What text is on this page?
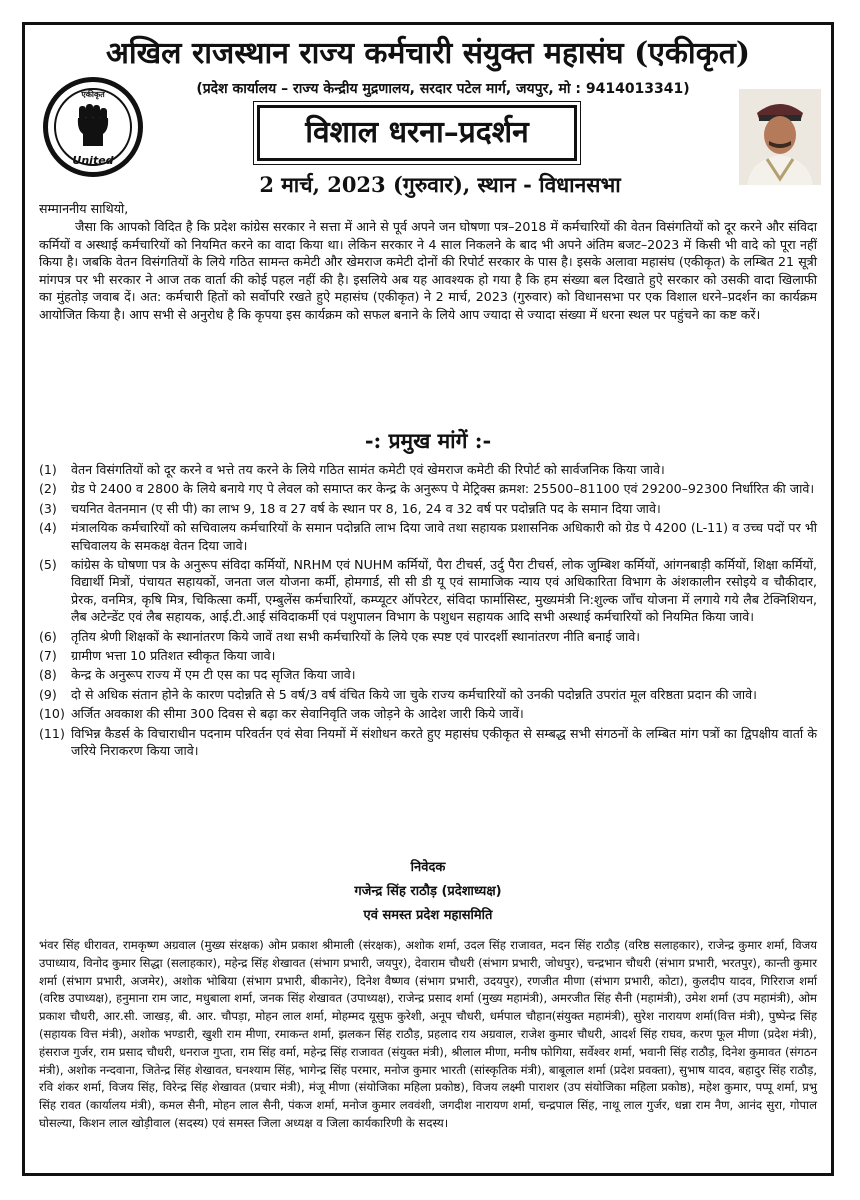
अखिल राजस्थान राज्य कर्मचारी संयुक्त महासंघ (एकीकृत)
एकीकृत
United
(प्रदेश कार्यालय – राज्य केन्द्रीय मुद्रणालय, सरदार पटेल मार्ग, जयपुर, मो : 9414013341)
विशाल धरना–प्रदर्शन
2 मार्च, 2023 (गुरुवार), स्थान - विधानसभा
सम्माननीय साथियो,
जैसा कि आपको विदित है कि प्रदेश कांग्रेस सरकार ने सत्ता में आने से पूर्व अपने जन घोषणा पत्र–2018 में कर्मचारियों की वेतन विसंगतियों को दूर करने और संविदा कर्मियों व अस्थाई कर्मचारियों को नियमित करने का वादा किया था। लेकिन सरकार ने 4 साल निकलने के बाद भी अपने अंतिम बजट–2023 में किसी भी वादे को पूरा नहीं किया है। जबकि वेतन विसंगतियों के लिये गठित सामन्त कमेटी और खेमराज कमेटी दोनों की रिपोर्ट सरकार के पास है। इसके अलावा महासंघ (एकीकृत) के लम्बित 21 सूत्री मांगपत्र पर भी सरकार ने आज तक वार्ता की कोई पहल नहीं की है। इसलिये अब यह आवश्यक हो गया है कि हम संख्या बल दिखाते हुऐ सरकार को उसकी वादा खिलाफी का मुंहतोड़ जवाब दें। अत: कर्मचारी हितों को सर्वोपरि रखते हुऐ महासंघ (एकीकृत) ने 2 मार्च, 2023 (गुरुवार) को विधानसभा पर एक विशाल धरने–प्रदर्शन का कार्यक्रम आयोजित किया है। आप सभी से अनुरोध है कि कृपया इस कार्यक्रम को सफल बनाने के लिये आप ज्यादा से ज्यादा संख्या में धरना स्थल पर पहुंचने का कष्ट करें।
-: प्रमुख मांगें :-
(1)	वेतन विसंगतियों को दूर करने व भत्ते तय करने के लिये गठित सामंत कमेटी एवं खेमराज कमेटी की रिपोर्ट को सार्वजनिक किया जावे।
(2)	ग्रेड पे 2400 व 2800 के लिये बनाये गए पे लेवल को समाप्त कर केन्द्र के अनुरूप पे मेट्रिक्स क्रमश: 25500–81100 एवं 29200–92300 निर्धारित की जावे।
(3)	चयनित वेतनमान (ए सी पी) का लाभ 9, 18 व 27 वर्ष के स्थान पर 8, 16, 24 व 32 वर्ष पर पदोन्नति पद के समान दिया जावे।
(4)	मंत्रालयिक कर्मचारियों को सचिवालय कर्मचारियों के समान पदोन्नति लाभ दिया जावे तथा सहायक प्रशासनिक अधिकारी को ग्रेड पे 4200 (L-11) व उच्च पदों पर भी सचिवालय के समकक्ष वेतन दिया जावे।
(5)	कांग्रेस के घोषणा पत्र के अनुरूप संविदा कर्मियों, NRHM एवं NUHM कर्मियों, पैरा टीचर्स, उर्दु पैरा टीचर्स, लोक जुम्बिश कर्मियों, आंगनबाड़ी कर्मियों, शिक्षा कर्मियों, विद्यार्थी मित्रों, पंचायत सहायकों, जनता जल योजना कर्मी, होमगार्ड, सी सी डी यू एवं सामाजिक न्याय एवं अधिकारिता विभाग के अंशकालीन रसोइये व चौकीदार, प्रेरक, वनमित्र, कृषि मित्र, चिकित्सा कर्मी, एम्बुलेंस कर्मचारियों, कम्प्यूटर ऑपरेटर, संविदा फार्मासिस्ट, मुख्यमंत्री नि:शुल्क जाँच योजना में लगाये गये लैब टेक्निशियन, लैब अटेन्डेंट एवं लैब सहायक, आई.टी.आई संविदाकर्मी एवं पशुपालन विभाग के पशुधन सहायक आदि सभी अस्थाई कर्मचारियों को नियमित किया जावे।
(6)	तृतिय श्रेणी शिक्षकों के स्थानांतरण किये जावें तथा सभी कर्मचारियों के लिये एक स्पष्ट एवं पारदर्शी स्थानांतरण नीति बनाई जावे।
(7)	ग्रामीण भत्ता 10 प्रतिशत स्वीकृत किया जावे।
(8)	केन्द्र के अनुरूप राज्य में एम टी एस का पद सृजित किया जावे।
(9)	दो से अधिक संतान होने के कारण पदोन्नति से 5 वर्ष/3 वर्ष वंचित किये जा चुके राज्य कर्मचारियों को उनकी पदोन्नति उपरांत मूल वरिष्ठता प्रदान की जावे।
(10) अर्जित अवकाश की सीमा 300 दिवस से बढ़ा कर सेवानिवृति जक जोड़ने के आदेश जारी किये जावें।
(11) विभिन्न कैडर्स के विचाराधीन पदनाम परिवर्तन एवं सेवा नियमों में संशोधन करते हुए महासंघ एकीकृत से सम्बद्ध सभी संगठनों के लम्बित मांग पत्रों का द्विपक्षीय वार्ता के जरिये निराकरण किया जावे।
निवेदक
गजेन्द्र सिंह राठौड़ (प्रदेशाध्यक्ष)
एवं समस्त प्रदेश महासमिति
भंवर सिंह धीरावत, रामकृष्ण अग्रवाल (मुख्य संरक्षक) ओम प्रकाश श्रीमाली (संरक्षक), अशोक शर्मा, उदल सिंह राजावत, मदन सिंह राठौड़ (वरिष्ठ सलाहकार), राजेन्द्र कुमार शर्मा, विजय उपाध्याय, विनोद कुमार सिद्धा (सलाहकार), महेन्द्र सिंह शेखावत (संभाग प्रभारी, जयपुर), देवाराम चौधरी (संभाग प्रभारी, जोधपुर), चन्द्रभान चौधरी (संभाग प्रभारी, भरतपुर), कान्ती कुमार शर्मा (संभाग प्रभारी, अजमेर), अशोक भोबिया (संभाग प्रभारी, बीकानेर), दिनेश वैष्णव (संभाग प्रभारी, उदयपुर), रणजीत मीणा (संभाग प्रभारी, कोटा), कुलदीप यादव, गिरिराज शर्मा (वरिष्ठ उपाध्यक्ष), हनुमाना राम जाट, मधुबाला शर्मा, जनक सिंह शेखावत (उपाध्यक्ष), राजेन्द्र प्रसाद शर्मा (मुख्य महामंत्री), अमरजीत सिंह सैनी (महामंत्री), उमेश शर्मा (उप महामंत्री), ओम प्रकाश चौधरी, आर.सी. जाखड़, बी. आर. चौपड़ा, मोहन लाल शर्मा, मोहम्मद यूसुफ कुरेशी, अनूप चौधरी, धर्मपाल चौहान(संयुक्त महामंत्री), सुरेश नारायण शर्मा(वित्त मंत्री), पुष्पेन्द्र सिंह (सहायक वित्त मंत्री), अशोक भण्डारी, खुशी राम मीणा, रमाकन्त शर्मा, झलकन सिंह राठौड़, प्रहलाद राय अग्रवाल, राजेश कुमार चौधरी, आदर्श सिंह राघव, करण फूल मीणा (प्रदेश मंत्री), हंसराज गुर्जर, राम प्रसाद चौधरी, धनराज गुप्ता, राम सिंह वर्मा, महेन्द्र सिंह राजावत (संयुक्त मंत्री), श्रीलाल मीणा, मनीष फोगिया, सर्वेश्वर शर्मा, भवानी सिंह राठौड़, दिनेश कुमावत (संगठन मंत्री), अशोक नन्दवाना, जितेन्द्र सिंह शेखावत, घनश्याम सिंह, भागेन्द्र सिंह परमार, मनोज कुमार भारती (सांस्कृतिक मंत्री), बाबूलाल शर्मा (प्रदेश प्रवक्ता), सुभाष यादव, बहादुर सिंह राठौड़, रवि शंकर शर्मा, विजय सिंह, विरेन्द्र सिंह शेखावत (प्रचार मंत्री), मंजू मीणा (संयोजिका महिला प्रकोष्ठ), विजय लक्ष्मी पाराशर (उप संयोजिका महिला प्रकोष्ठ), महेश कुमार, पप्पू शर्मा, प्रभु सिंह रावत (कार्यालय मंत्री), कमल सैनी, मोहन लाल सैनी, पंकज शर्मा, मनोज कुमार लववंशी, जगदीश नारायण शर्मा, चन्द्रपाल सिंह, नाथू लाल गुर्जर, धन्ना राम नैण, आनंद सुरा, गोपाल घोसल्या, किशन लाल खोड़ीवाल (सदस्य) एवं समस्त जिला अध्यक्ष व जिला कार्यकारिणी के सदस्य।
